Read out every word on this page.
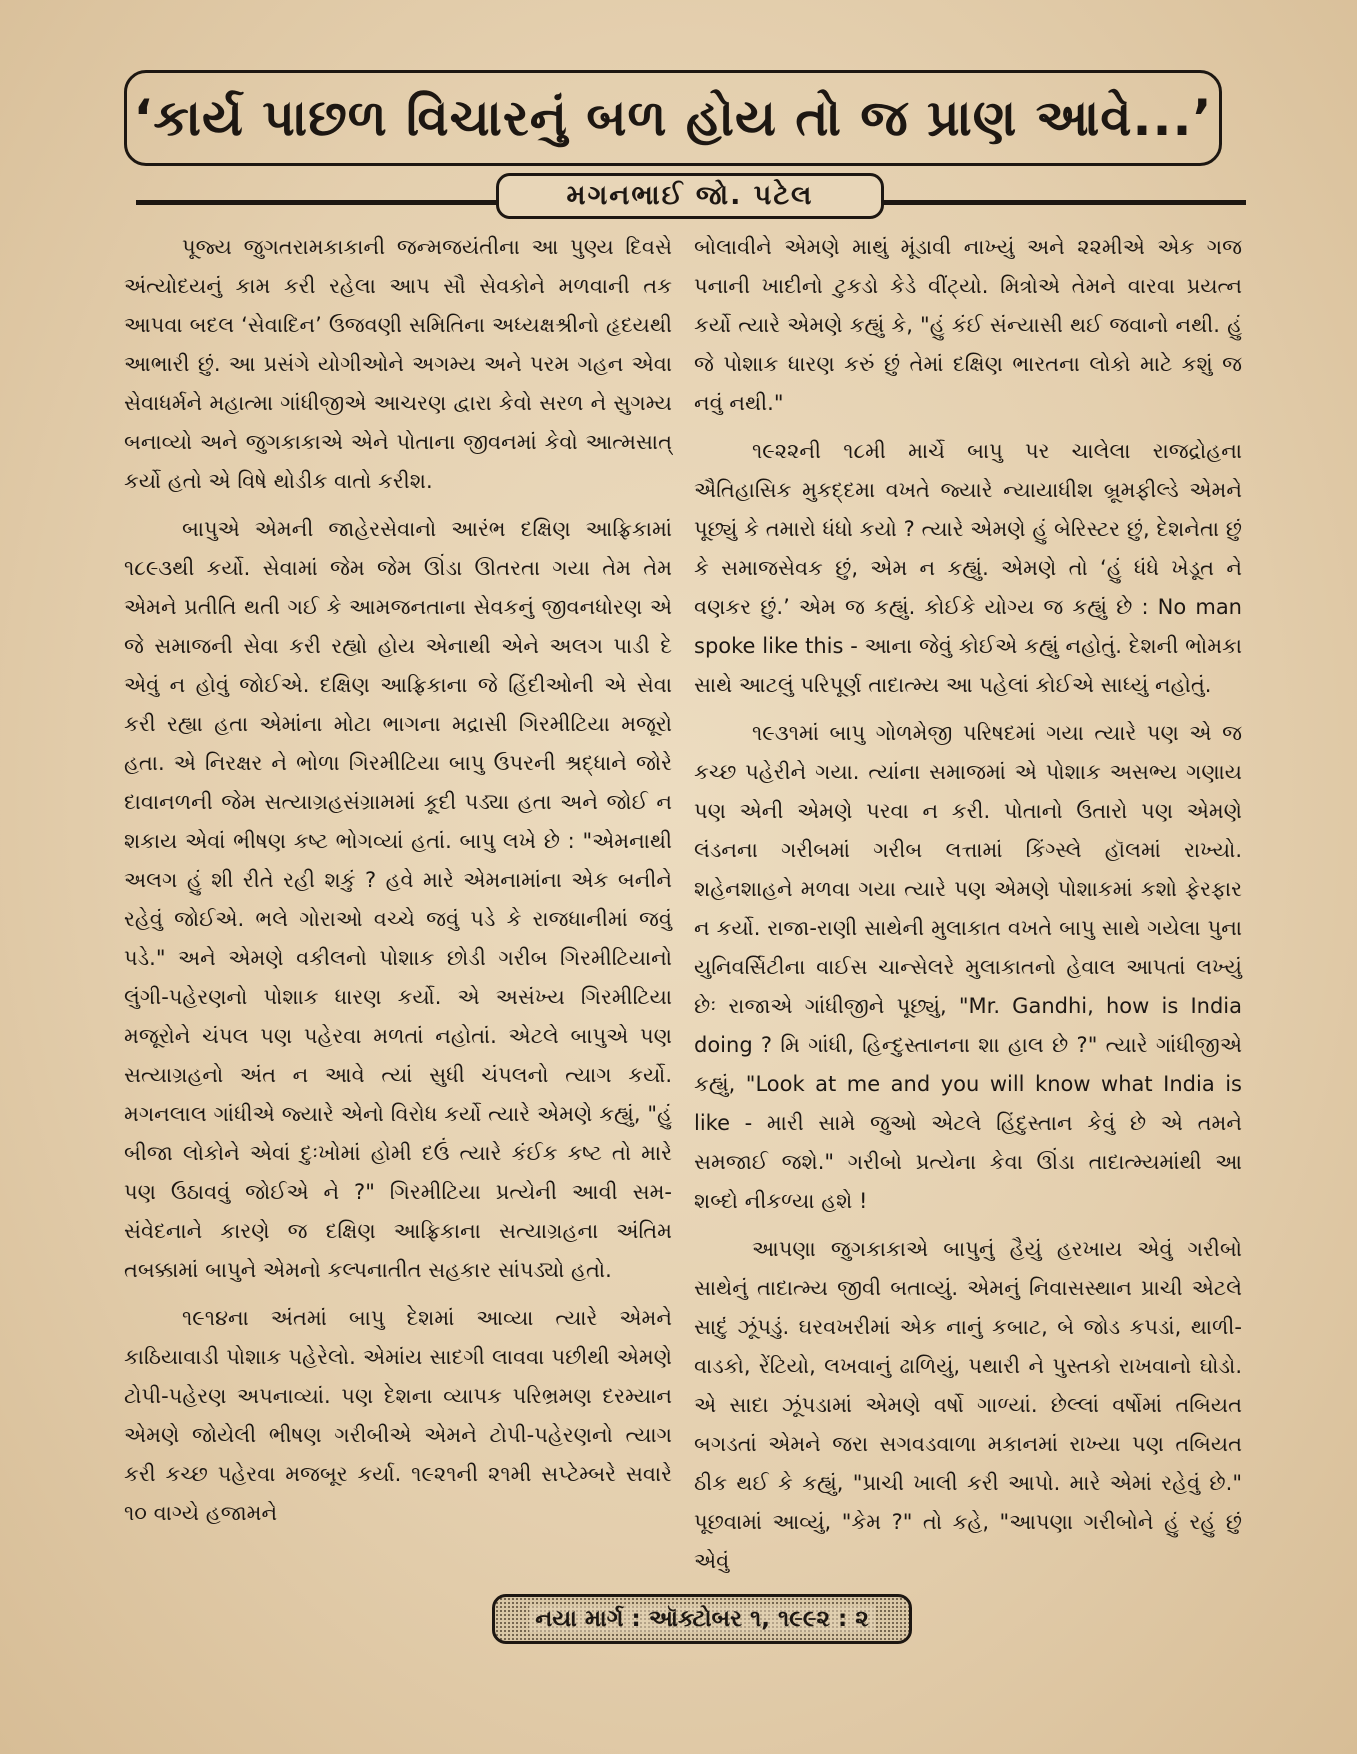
‘કાર્ય પાછળ વિચારનું બળ હોય તો જ પ્રાણ આવે...’
મગનભાઈ જો. પટેલ

પૂજ્ય જુગતરામકાકાની જન્મજયંતીના આ પુણ્ય દિવસે અંત્યોદયનું કામ કરી રહેલા આપ સૌ સેવકોને મળવાની તક આપવા બદલ ‘સેવાદિન’ ઉજવણી સમિતિના અધ્યક્ષશ્રીનો હૃદયથી આભારી છું. આ પ્રસંગે યોગીઓને અગમ્ય અને પરમ ગહન એવા સેવાધર્મને મહાત્મા ગાંધીજીએ આચરણ દ્વારા કેવો સરળ ને સુગમ્ય બનાવ્યો અને જુગકાકાએ એને પોતાના જીવનમાં કેવો આત્મસાત્ કર્યો હતો એ વિષે થોડીક વાતો કરીશ.

બાપુએ એમની જાહેરસેવાનો આરંભ દક્ષિણ આફ્રિકામાં ૧૮૯૩થી કર્યો. સેવામાં જેમ જેમ ઊંડા ઊતરતા ગયા તેમ તેમ એમને પ્રતીતિ થતી ગઈ કે આમજનતાના સેવકનું જીવનધોરણ એ જે સમાજની સેવા કરી રહ્યો હોય એનાથી એને અલગ પાડી દે એવું ન હોવું જોઈએ. દક્ષિણ આફ્રિકાના જે હિંદીઓની એ સેવા કરી રહ્યા હતા એમાંના મોટા ભાગના મદ્રાસી ગિરમીટિયા મજૂરો હતા. એ નિરક્ષર ને ભોળા ગિરમીટિયા બાપુ ઉપરની શ્રદ્ધાને જોરે દાવાનળની જેમ સત્યાગ્રહસંગ્રામમાં કૂદી પડ્યા હતા અને જોઈ ન શકાય એવાં ભીષણ કષ્ટ ભોગવ્યાં હતાં. બાપુ લખે છે : "એમનાથી અલગ હું શી રીતે રહી શકું ? હવે મારે એમનામાંના એક બનીને રહેવું જોઈએ. ભલે ગોરાઓ વચ્ચે જવું પડે કે રાજધાનીમાં જવું પડે." અને એમણે વકીલનો પોશાક છોડી ગરીબ ગિરમીટિયાનો લુંગી-પહેરણનો પોશાક ધારણ કર્યો. એ અસંખ્ય ગિરમીટિયા મજૂરોને ચંપલ પણ પહેરવા મળતાં નહોતાં. એટલે બાપુએ પણ સત્યાગ્રહનો અંત ન આવે ત્યાં સુધી ચંપલનો ત્યાગ કર્યો. મગનલાલ ગાંધીએ જ્યારે એનો વિરોધ કર્યો ત્યારે એમણે કહ્યું, "હું બીજા લોકોને એવાં દુઃખોમાં હોમી દઉં ત્યારે કંઈક કષ્ટ તો મારે પણ ઉઠાવવું જોઈએ ને ?" ગિરમીટિયા પ્રત્યેની આવી સમ-સંવેદનાને કારણે જ દક્ષિણ આફ્રિકાના સત્યાગ્રહના અંતિમ તબક્કામાં બાપુને એમનો કલ્પનાતીત સહકાર સાંપડ્યો હતો.

૧૯૧૪ના અંતમાં બાપુ દેશમાં આવ્યા ત્યારે એમને કાઠિયાવાડી પોશાક પહેરેલો. એમાંય સાદગી લાવવા પછીથી એમણે ટોપી-પહેરણ અપનાવ્યાં. પણ દેશના વ્યાપક પરિભ્રમણ દરમ્યાન એમણે જોયેલી ભીષણ ગરીબીએ એમને ટોપી-પહેરણનો ત્યાગ કરી કચ્છ પહેરવા મજબૂર કર્યા. ૧૯૨૧ની ૨૧મી સપ્ટેમ્બરે સવારે ૧૦ વાગ્યે હજામને

બોલાવીને એમણે માથું મૂંડાવી નાખ્યું અને ૨૨મીએ એક ગજ પનાની ખાદીનો ટુકડો કેડે વીંટ્યો. મિત્રોએ તેમને વારવા પ્રયત્ન કર્યો ત્યારે એમણે કહ્યું કે, "હું કંઈ સંન્યાસી થઈ જવાનો નથી. હું જે પોશાક ધારણ કરું છું તેમાં દક્ષિણ ભારતના લોકો માટે કશું જ નવું નથી."

૧૯૨૨ની ૧૮મી માર્ચે બાપુ પર ચાલેલા રાજદ્રોહના ઐતિહાસિક મુકદ્દમા વખતે જ્યારે ન્યાયાધીશ બ્રૂમફીલ્ડે એમને પૂછ્યું કે તમારો ધંધો કયો ? ત્યારે એમણે હું બેરિસ્ટર છું, દેશનેતા છું કે સમાજસેવક છું, એમ ન કહ્યું. એમણે તો ‘હું ધંધે ખેડૂત ને વણકર છું.’ એમ જ કહ્યું. કોઈકે યોગ્ય જ કહ્યું છે : No man spoke like this - આના જેવું કોઈએ કહ્યું નહોતું. દેશની ભોમકા સાથે આટલું પરિપૂર્ણ તાદાત્મ્ય આ પહેલાં કોઈએ સાધ્યું નહોતું.

૧૯૩૧માં બાપુ ગોળમેજી પરિષદમાં ગયા ત્યારે પણ એ જ કચ્છ પહેરીને ગયા. ત્યાંના સમાજમાં એ પોશાક અસભ્ય ગણાય પણ એની એમણે પરવા ન કરી. પોતાનો ઉતારો પણ એમણે લંડનના ગરીબમાં ગરીબ લત્તામાં કિંગ્સ્લે હૉલમાં રાખ્યો. શહેનશાહને મળવા ગયા ત્યારે પણ એમણે પોશાકમાં કશો ફેરફાર ન કર્યો. રાજા-રાણી સાથેની મુલાકાત વખતે બાપુ સાથે ગયેલા પુના યુનિવર્સિટીના વાઈસ ચાન્સેલરે મુલાકાતનો હેવાલ આપતાં લખ્યું છેઃ રાજાએ ગાંધીજીને પૂછ્યું, "Mr. Gandhi, how is India doing ? મિ ગાંધી, હિન્દુસ્તાનના શા હાલ છે ?" ત્યારે ગાંધીજીએ કહ્યું, "Look at me and you will know what India is like - મારી સામે જુઓ એટલે હિંદુસ્તાન કેવું છે એ તમને સમજાઈ જશે." ગરીબો પ્રત્યેના કેવા ઊંડા તાદાત્મ્યમાંથી આ શબ્દો નીકળ્યા હશે !

આપણા જુગકાકાએ બાપુનું હૈયું હરખાય એવું ગરીબો સાથેનું તાદાત્મ્ય જીવી બતાવ્યું. એમનું નિવાસસ્થાન પ્રાચી એટલે સાદું ઝૂંપડું. ઘરવખરીમાં એક નાનું કબાટ, બે જોડ કપડાં, થાળી-વાડકો, રેંટિયો, લખવાનું ઢાળિયું, પથારી ને પુસ્તકો રાખવાનો ઘોડો. એ સાદા ઝૂંપડામાં એમણે વર્ષો ગાળ્યાં. છેલ્લાં વર્ષોમાં તબિયત બગડતાં એમને જરા સગવડવાળા મકાનમાં રાખ્યા પણ તબિયત ઠીક થઈ કે કહ્યું, "પ્રાચી ખાલી કરી આપો. મારે એમાં રહેવું છે." પૂછવામાં આવ્યું, "કેમ ?" તો કહે, "આપણા ગરીબોને હું રહું છું એવું

નયા માર્ગ : ઑક્ટોબર ૧, ૧૯૯૨ : ૨
